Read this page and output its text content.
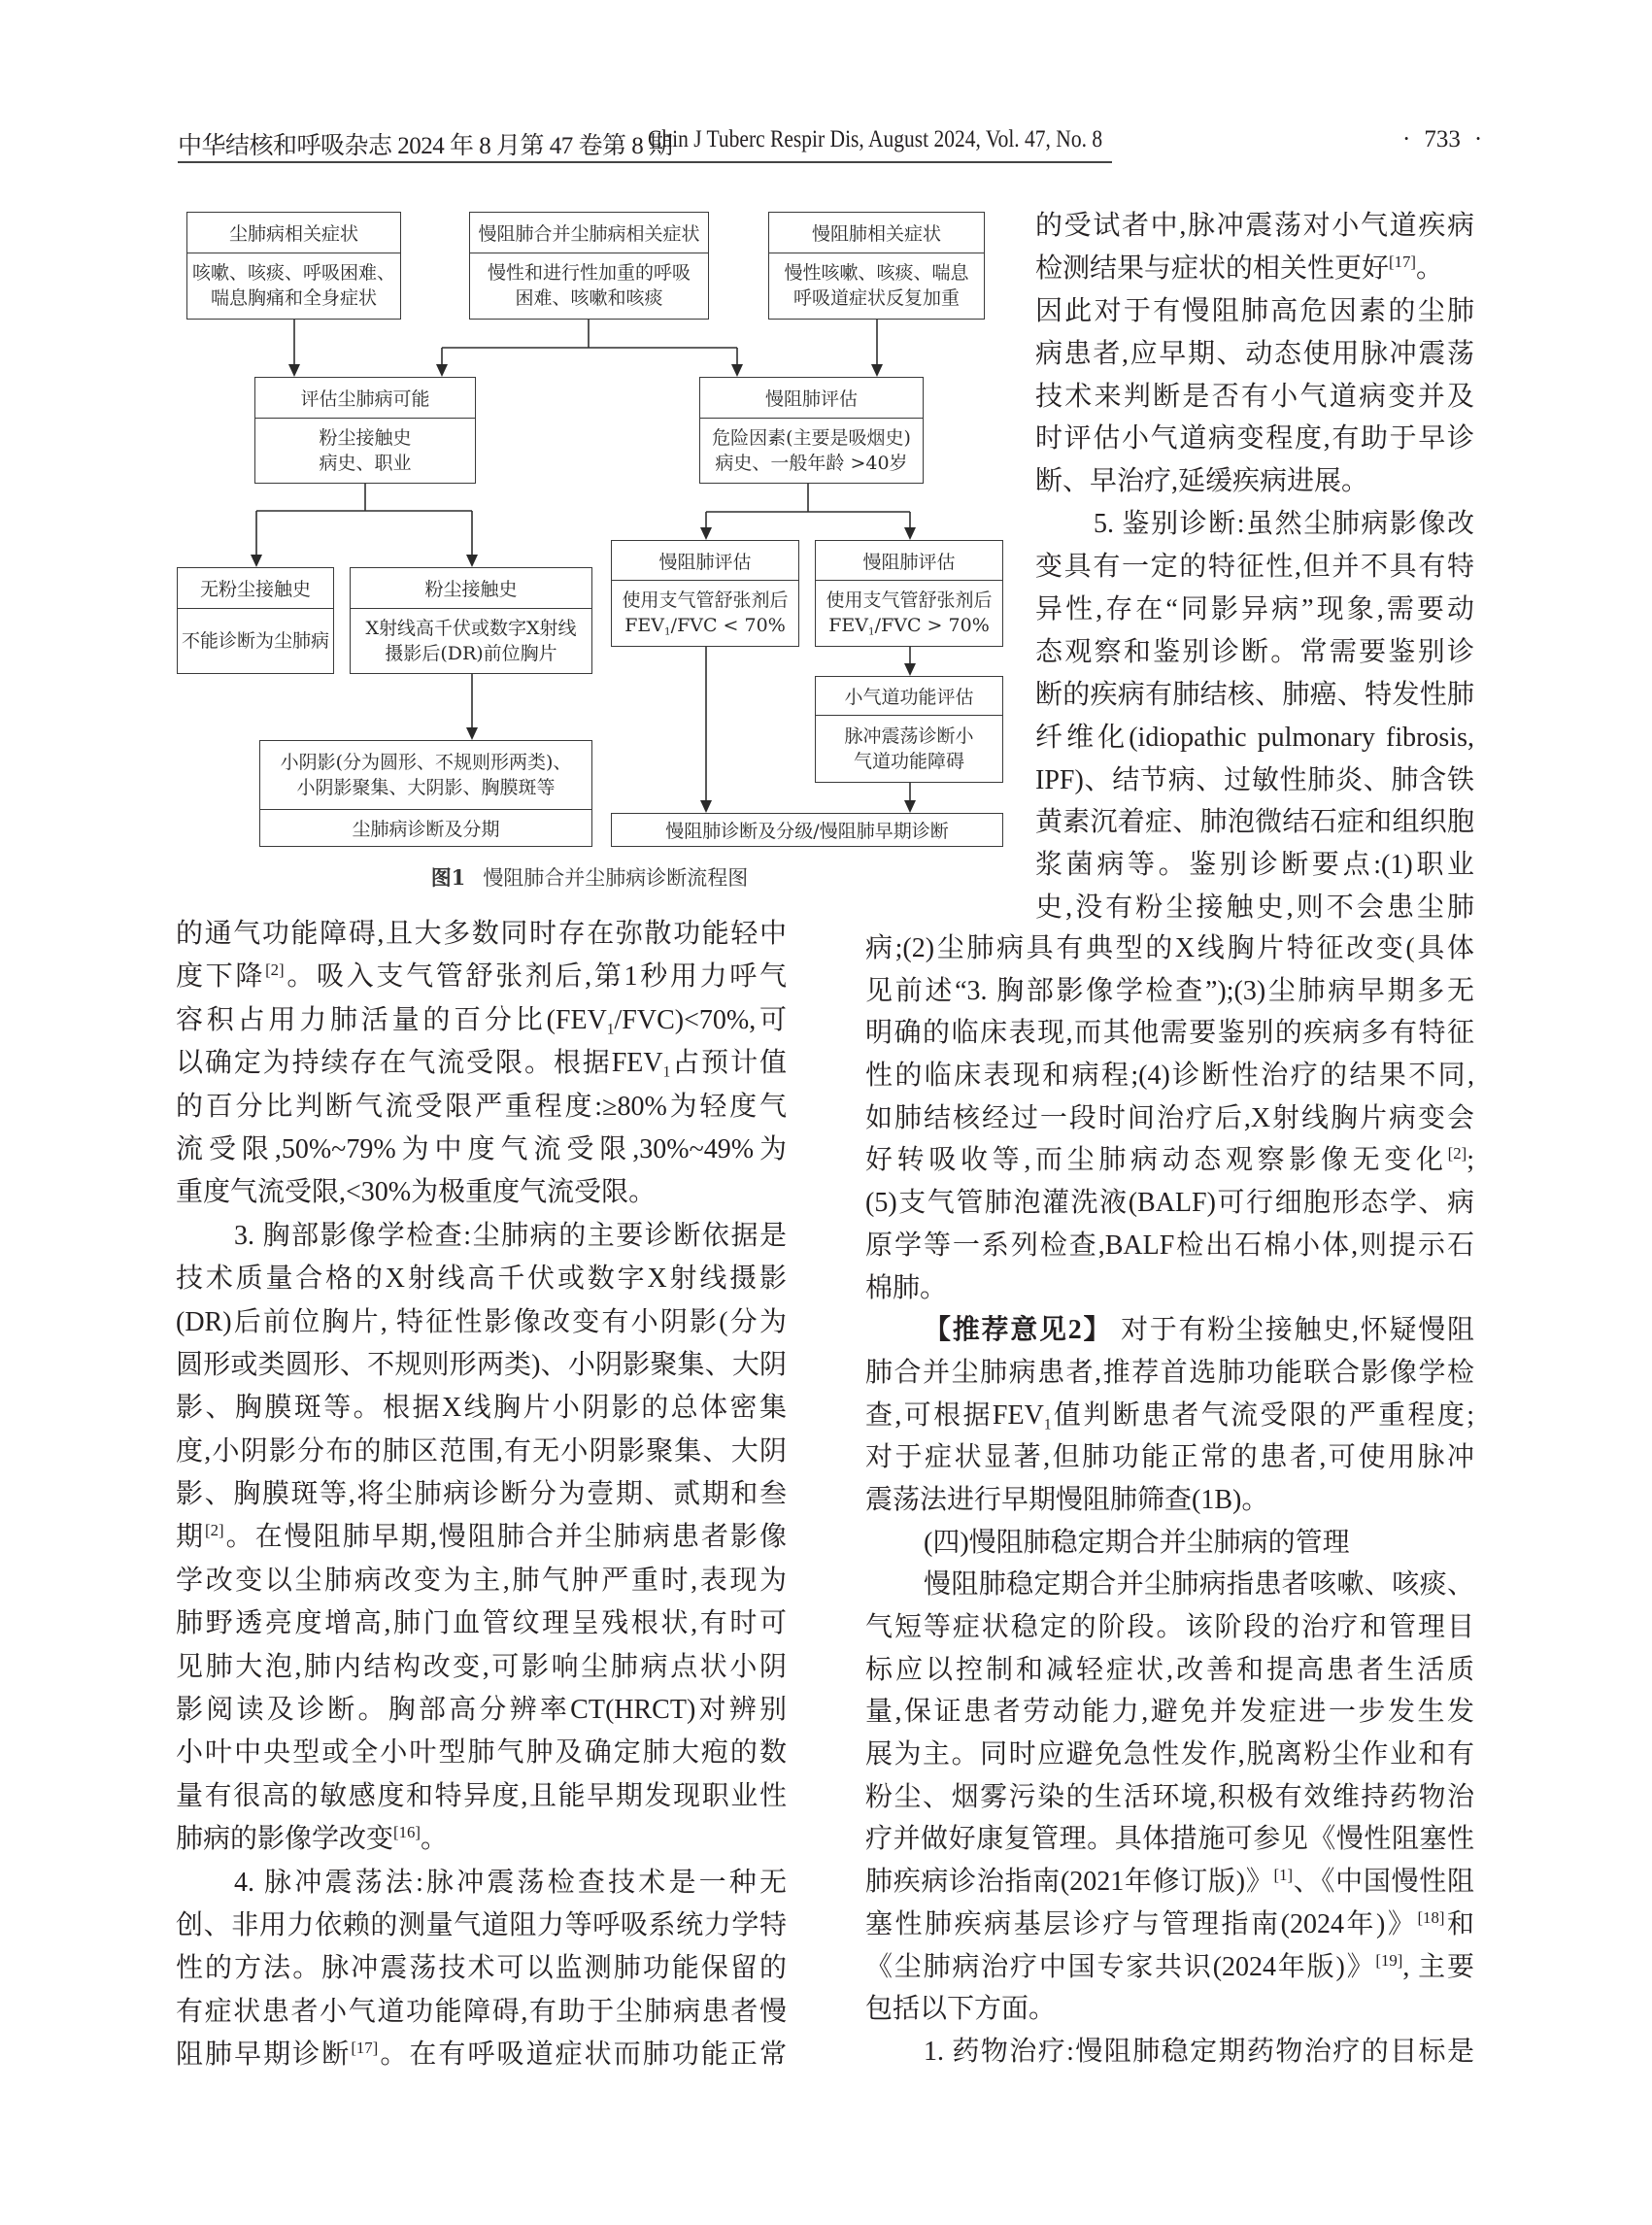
中华结核和呼吸杂志 2024 年 8 月第 47 卷第 8 期
Chin J Tuberc Respir Dis, August 2024, Vol. 47, No. 8	· 733 ·
尘肺病相关症状
咳嗽、咳痰、呼吸困难、
喘息胸痛和全身症状
慢阻肺合并尘肺病相关症状
慢性和进行性加重的呼吸
困难、咳嗽和咳痰
慢阻肺相关症状
慢性咳嗽、咳痰、喘息
呼吸道症状反复加重
评估尘肺病可能
粉尘接触史
病史、职业
慢阻肺评估
危险因素(主要是吸烟史)
病史、一般年龄 >40岁
无粉尘接触史
不能诊断为尘肺病
粉尘接触史
X射线高千伏或数字X射线
摄影后(DR)前位胸片
慢阻肺评估
使用支气管舒张剂后
$FEV_1$/FVC < 70%
慢阻肺评估
使用支气管舒张剂后
$FEV_1$/FVC > 70%
小气道功能评估
脉冲震荡诊断小
气道功能障碍
小阴影(分为圆形、不规则形两类)、
小阴影聚集、大阴影、胸膜斑等
尘肺病诊断及分期	慢阻肺诊断及分级/慢阻肺早期诊断
图1 慢阻肺合并尘肺病诊断流程图
的受试者中,脉冲震荡对小气道疾病
检测结果与症状的相关性更好[17]。
因此对于有慢阻肺高危因素的尘肺
病患者,应早期、动态使用脉冲震荡
技术来判断是否有小气道病变并及
时评估小气道病变程度,有助于早诊
断、早治疗,延缓疾病进展。
5. 鉴别诊断:虽然尘肺病影像改
变具有一定的特征性,但并不具有特
异性,存在“同影异病”现象,需要动
态观察和鉴别诊断。常需要鉴别诊
断的疾病有肺结核、肺癌、特发性肺
纤维化(idiopathic pulmonary fibrosis,
IPF)、结节病、过敏性肺炎、肺含铁
黄素沉着症、肺泡微结石症和组织胞
浆菌病等。鉴别诊断要点:(1)职业
史,没有粉尘接触史,则不会患尘肺
的通气功能障碍,且大多数同时存在弥散功能轻中
度下降[2]。吸入支气管舒张剂后,第1秒用力呼气
容积占用力肺活量的百分比$(FEV_1/FVC)<70\%$,可
以确定为持续存在气流受限。根据$FEV_1$占预计值
的百分比判断气流受限严重程度:≥80%为轻度气
流受限,50%~79%为中度气流受限,30%~49%为
重度气流受限,<30%为极重度气流受限。
3. 胸部影像学检查:尘肺病的主要诊断依据是
技术质量合格的X射线高千伏或数字X射线摄影
(DR)后前位胸片, 特征性影像改变有小阴影(分为
圆形或类圆形、不规则形两类)、小阴影聚集、大阴
影、胸膜斑等。根据X线胸片小阴影的总体密集
度,小阴影分布的肺区范围,有无小阴影聚集、大阴
影、胸膜斑等,将尘肺病诊断分为壹期、贰期和叁
期[2]。在慢阻肺早期,慢阻肺合并尘肺病患者影像
学改变以尘肺病改变为主,肺气肿严重时,表现为
肺野透亮度增高,肺门血管纹理呈残根状,有时可
见肺大泡,肺内结构改变,可影响尘肺病点状小阴
影阅读及诊断。胸部高分辨率CT(HRCT)对辨别
小叶中央型或全小叶型肺气肿及确定肺大疱的数
量有很高的敏感度和特异度,且能早期发现职业性
肺病的影像学改变[16]。
4. 脉冲震荡法:脉冲震荡检查技术是一种无
创、非用力依赖的测量气道阻力等呼吸系统力学特
性的方法。脉冲震荡技术可以监测肺功能保留的
有症状患者小气道功能障碍,有助于尘肺病患者慢
阻肺早期诊断[17]。在有呼吸道症状而肺功能正常
病;(2)尘肺病具有典型的X线胸片特征改变(具体
见前述“3. 胸部影像学检查”);(3)尘肺病早期多无
明确的临床表现,而其他需要鉴别的疾病多有特征
性的临床表现和病程;(4)诊断性治疗的结果不同,
如肺结核经过一段时间治疗后,X射线胸片病变会
好转吸收等,而尘肺病动态观察影像无变化[2];
(5)支气管肺泡灌洗液(BALF)可行细胞形态学、病
原学等一系列检查,BALF检出石棉小体,则提示石
棉肺。
【推荐意见2】 对于有粉尘接触史,怀疑慢阻
肺合并尘肺病患者,推荐首选肺功能联合影像学检
查,可根据$FEV_1$值判断患者气流受限的严重程度;
对于症状显著,但肺功能正常的患者,可使用脉冲
震荡法进行早期慢阻肺筛查(1B)。
(四)慢阻肺稳定期合并尘肺病的管理
慢阻肺稳定期合并尘肺病指患者咳嗽、咳痰、
气短等症状稳定的阶段。该阶段的治疗和管理目
标应以控制和减轻症状,改善和提高患者生活质
量,保证患者劳动能力,避免并发症进一步发生发
展为主。同时应避免急性发作,脱离粉尘作业和有
粉尘、烟雾污染的生活环境,积极有效维持药物治
疗并做好康复管理。具体措施可参见《慢性阻塞性
肺疾病诊治指南(2021年修订版)》[1]、《中国慢性阻
塞性肺疾病基层诊疗与管理指南(2024年)》[18]和
《尘肺病治疗中国专家共识(2024年版)》[19], 主要
包括以下方面。
1. 药物治疗:慢阻肺稳定期药物治疗的目标是
